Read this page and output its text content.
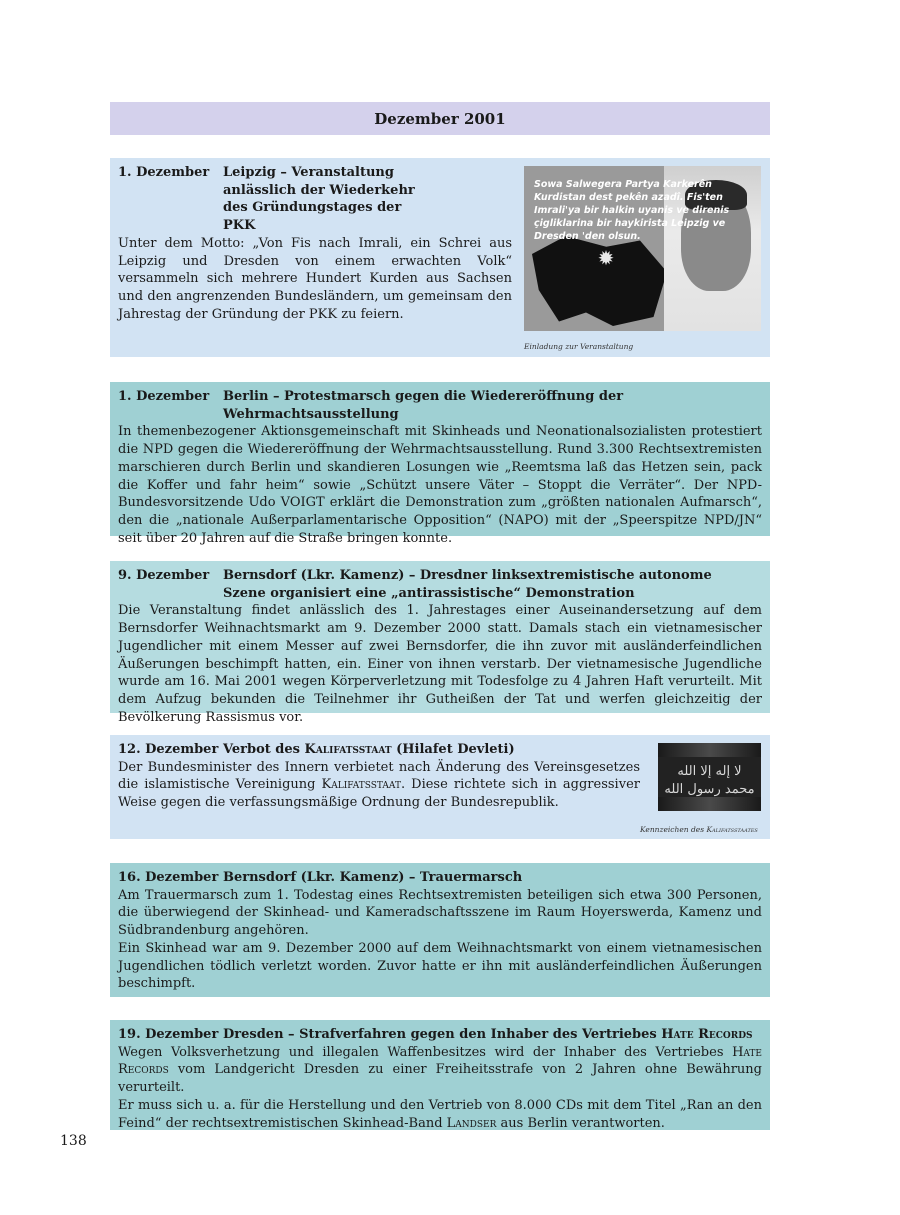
Dezember 2001
1. Dezember	Leipzig – Veranstaltung anlässlich der Wiederkehr des Gründungstages der PKK

Unter dem Motto: „Von Fis nach Imrali, ein Schrei aus Leipzig und Dresden von einem erwachten Volk“ versammeln sich mehrere Hundert Kurden aus Sachsen und den angrenzenden Bundesländern, um gemeinsam den Jahrestag der Gründung der PKK zu feiern.

✹
Sowa Salwegera Partya Karkerên Kurdistan dest pekên azadî. Fis'ten Imrali'ya bir halkin uyanis ve direnis çigliklarina bir haykirista Leipzig ve Dresden 'den olsun.
Einladung zur Veranstaltung
1. Dezember	Berlin – Protestmarsch gegen die Wiedereröffnung der Wehrmachtsausstellung

In themenbezogener Aktionsgemeinschaft mit Skinheads und Neonationalsozialisten protestiert die NPD gegen die Wiedereröffnung der Wehrmachtsausstellung. Rund 3.300 Rechtsextremisten marschieren durch Berlin und skandieren Losungen wie „Reemtsma laß das Hetzen sein, pack die Koffer und fahr heim“ sowie „Schützt unsere Väter – Stoppt die Verräter“. Der NPD-Bundesvorsitzende Udo VOIGT erklärt die Demonstration zum „größten nationalen Aufmarsch“, den die „nationale Außerparlamentarische Opposition“ (NAPO) mit der „Speerspitze NPD/JN“ seit über 20 Jahren auf die Straße bringen konnte.

9. Dezember	Bernsdorf (Lkr. Kamenz) – Dresdner linksextremistische autonome Szene organisiert eine „antirassistische“ Demonstration

Die Veranstaltung findet anlässlich des 1. Jahrestages einer Auseinandersetzung auf dem Bernsdorfer Weihnachtsmarkt am 9. Dezember 2000 statt. Damals stach ein vietnamesischer Jugendlicher mit einem Messer auf zwei Bernsdorfer, die ihn zuvor mit ausländerfeindlichen Äußerungen beschimpft hatten, ein. Einer von ihnen verstarb. Der vietnamesische Jugendliche wurde am 16. Mai 2001 wegen Körperverletzung mit Todesfolge zu 4 Jahren Haft verurteilt. Mit dem Aufzug bekunden die Teilnehmer ihr Gutheißen der Tat und werfen gleichzeitig der Bevölkerung Rassismus vor.

12. Dezember Verbot des Kalifatsstaat (Hilafet Devleti)

Der Bundesminister des Innern verbietet nach Änderung des Vereinsgesetzes die islamistische Vereinigung Kalifatsstaat. Diese richtete sich in aggressiver Weise gegen die verfassungsmäßige Ordnung der Bundesrepublik.

لا إله إلا الله محمد رسول الله
Kennzeichen des Kalifatsstaates
16. Dezember Bernsdorf (Lkr. Kamenz) – Trauermarsch

Am Trauermarsch zum 1. Todestag eines Rechtsextremisten beteiligen sich etwa 300 Personen, die überwiegend der Skinhead- und Kameradschaftsszene im Raum Hoyerswerda, Kamenz und Südbrandenburg angehören.

Ein Skinhead war am 9. Dezember 2000 auf dem Weihnachtsmarkt von einem vietnamesischen Jugendlichen tödlich verletzt worden. Zuvor hatte er ihn mit ausländerfeindlichen Äußerungen beschimpft.

19. Dezember Dresden – Strafverfahren gegen den Inhaber des Vertriebes Hate Records

Wegen Volksverhetzung und illegalen Waffenbesitzes wird der Inhaber des Vertriebes Hate Records vom Landgericht Dresden zu einer Freiheitsstrafe von 2 Jahren ohne Bewährung verurteilt.

Er muss sich u. a. für die Herstellung und den Vertrieb von 8.000 CDs mit dem Titel „Ran an den Feind“ der rechtsextremistischen Skinhead-Band Landser aus Berlin verantworten.

138
